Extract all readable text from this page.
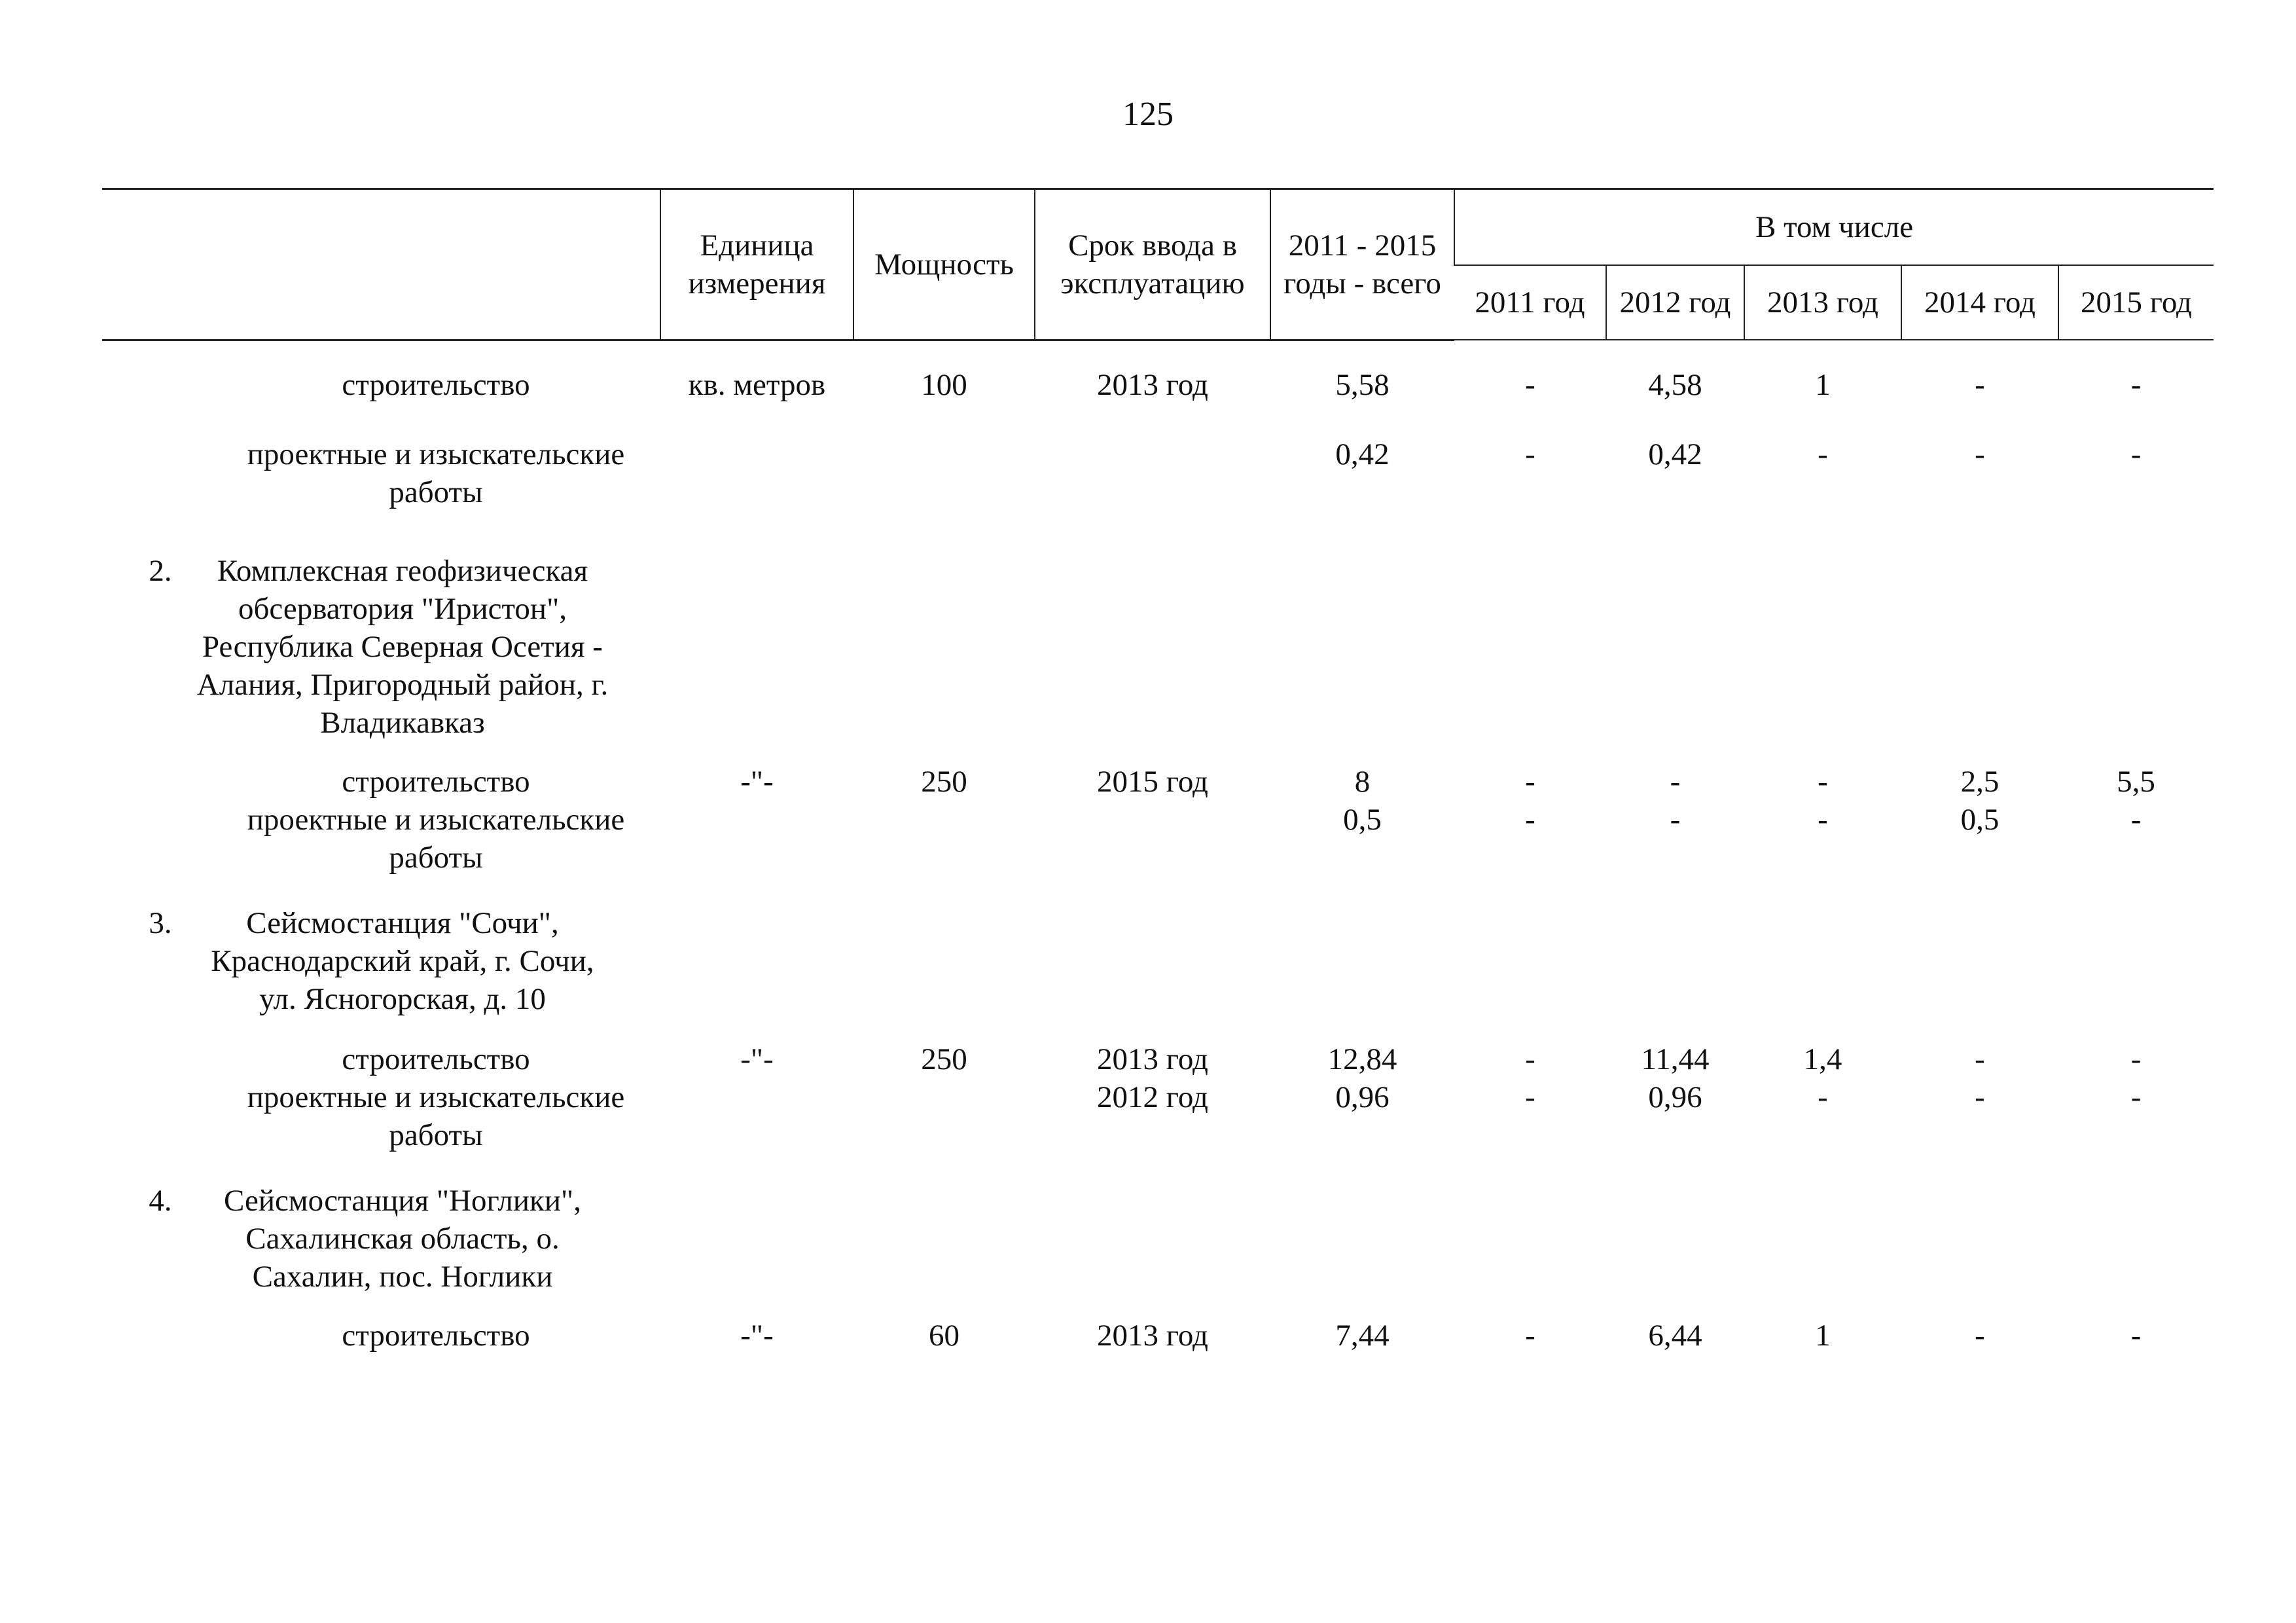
125
	Единица измерения	Мощность	Срок ввода в эксплуатацию	2011 - 2015 годы - всего	В том числе				
					2011 год	2012 год	2013 год	2014 год	2015 год

строительство	кв. метров	100	2013 год	5,58	-	4,58	1	-	-

проектные и изыскательские работы				0,42	-	0,42	-	-	-

2. Комплексная геофизическая обсерватория "Иристон", Республика Северная Осетия - Алания, Пригородный район, г. Владикавказ									

строительство	-"-	250	2015 год	8	-	-	-	2,5	5,5

проектные и изыскательские работы				0,5	-	-	-	0,5	-

3. Сейсмостанция "Сочи", Краснодарский край, г. Сочи, ул. Ясногорская, д. 10									

строительство	-"-	250	2013 год	12,84	-	11,44	1,4	-	-

проектные и изыскательские работы			2012 год	0,96	-	0,96	-	-	-

4. Сейсмостанция "Ноглики", Сахалинская область, о. Сахалин, пос. Ноглики									

строительство	-"-	60	2013 год	7,44	-	6,44	1	-	-
